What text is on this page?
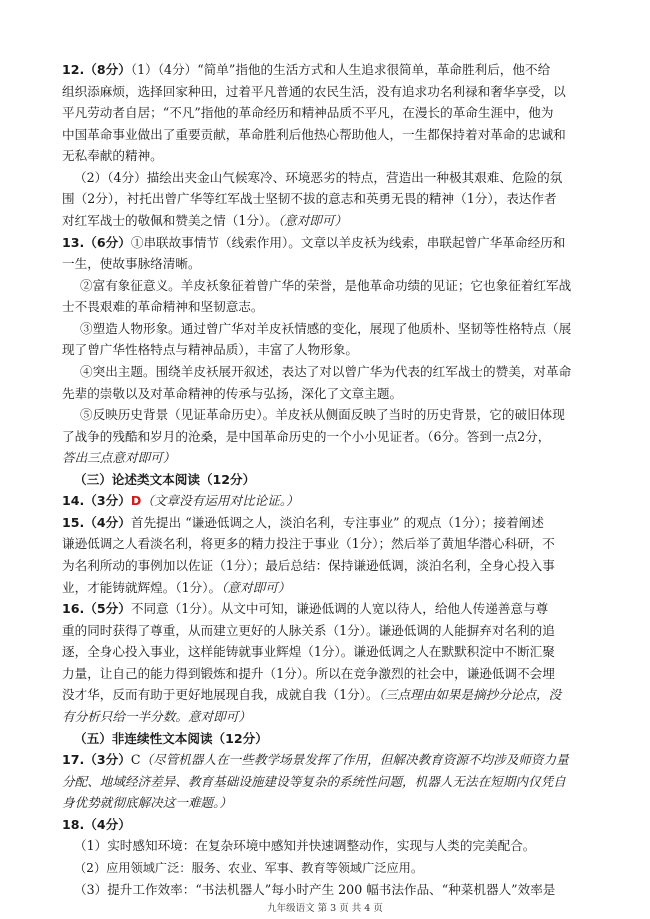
12.（8分）（1）（4分）“简单”指他的生活方式和人生追求很简单，革命胜利后，他不给
组织添麻烦，选择回家种田，过着平凡普通的农民生活，没有追求功名利禄和奢华享受，以
平凡劳动者自居；“不凡”指他的革命经历和精神品质不平凡，在漫长的革命生涯中，他为
中国革命事业做出了重要贡献，革命胜利后他热心帮助他人，一生都保持着对革命的忠诚和
无私奉献的精神。
（2）（4分）描绘出夹金山气候寒冷、环境恶劣的特点，营造出一种极其艰难、危险的氛
围（2分），衬托出曾广华等红军战士坚韧不拔的意志和英勇无畏的精神（1分），表达作者
对红军战士的敬佩和赞美之情（1分）。（意对即可）
13.（6分）①串联故事情节（线索作用）。文章以羊皮袄为线索，串联起曾广华革命经历和
一生，使故事脉络清晰。
②富有象征意义。羊皮袄象征着曾广华的荣誉，是他革命功绩的见证；它也象征着红军战
士不畏艰难的革命精神和坚韧意志。
③塑造人物形象。通过曾广华对羊皮袄情感的变化，展现了他质朴、坚韧等性格特点（展
现了曾广华性格特点与精神品质），丰富了人物形象。
④突出主题。围绕羊皮袄展开叙述，表达了对以曾广华为代表的红军战士的赞美，对革命
先辈的崇敬以及对革命精神的传承与弘扬，深化了文章主题。
⑤反映历史背景（见证革命历史）。羊皮袄从侧面反映了当时的历史背景，它的破旧体现
了战争的残酷和岁月的沧桑，是中国革命历史的一个小小见证者。（6分。答到一点2分，
答出三点意对即可）
（三）论述类文本阅读（12分）
14.（3分）D（文章没有运用对比论证。）
15.（4分）首先提出 “谦逊低调之人，淡泊名利，专注事业” 的观点（1分）；接着阐述
谦逊低调之人看淡名利，将更多的精力投注于事业（1分）；然后举了黄旭华潜心科研，不
为名利所动的事例加以佐证（1分）；最后总结：保持谦逊低调，淡泊名利，全身心投入事
业，才能铸就辉煌。（1分）。（意对即可）
16.（5分）不同意（1分）。从文中可知，谦逊低调的人宽以待人，给他人传递善意与尊
重的同时获得了尊重，从而建立更好的人脉关系（1分）。谦逊低调的人能摒弃对名利的追
逐，全身心投入事业，这样能铸就事业辉煌（1分）。谦逊低调之人在默默积淀中不断汇聚
力量，让自己的能力得到锻炼和提升（1分）。所以在竞争激烈的社会中，谦逊低调不会埋
没才华，反而有助于更好地展现自我，成就自我（1分）。（三点理由如果是摘抄分论点，没
有分析只给一半分数。意对即可）
（五）非连续性文本阅读（12分）
17.（3分）C（尽管机器人在一些教学场景发挥了作用，但解决教育资源不均涉及师资力量
分配、地域经济差异、教育基础设施建设等复杂的系统性问题，机器人无法在短期内仅凭自
身优势就彻底解决这一难题。）
18.（4分）
（1）实时感知环境：在复杂环境中感知并快速调整动作，实现与人类的完美配合。
（2）应用领域广泛：服务、农业、军事、教育等领域广泛应用。
九年级语文 第 3 页 共 4 页
（3）提升工作效率：“书法机器人”每小时产生 200 幅书法作品、“种菜机器人”效率是
